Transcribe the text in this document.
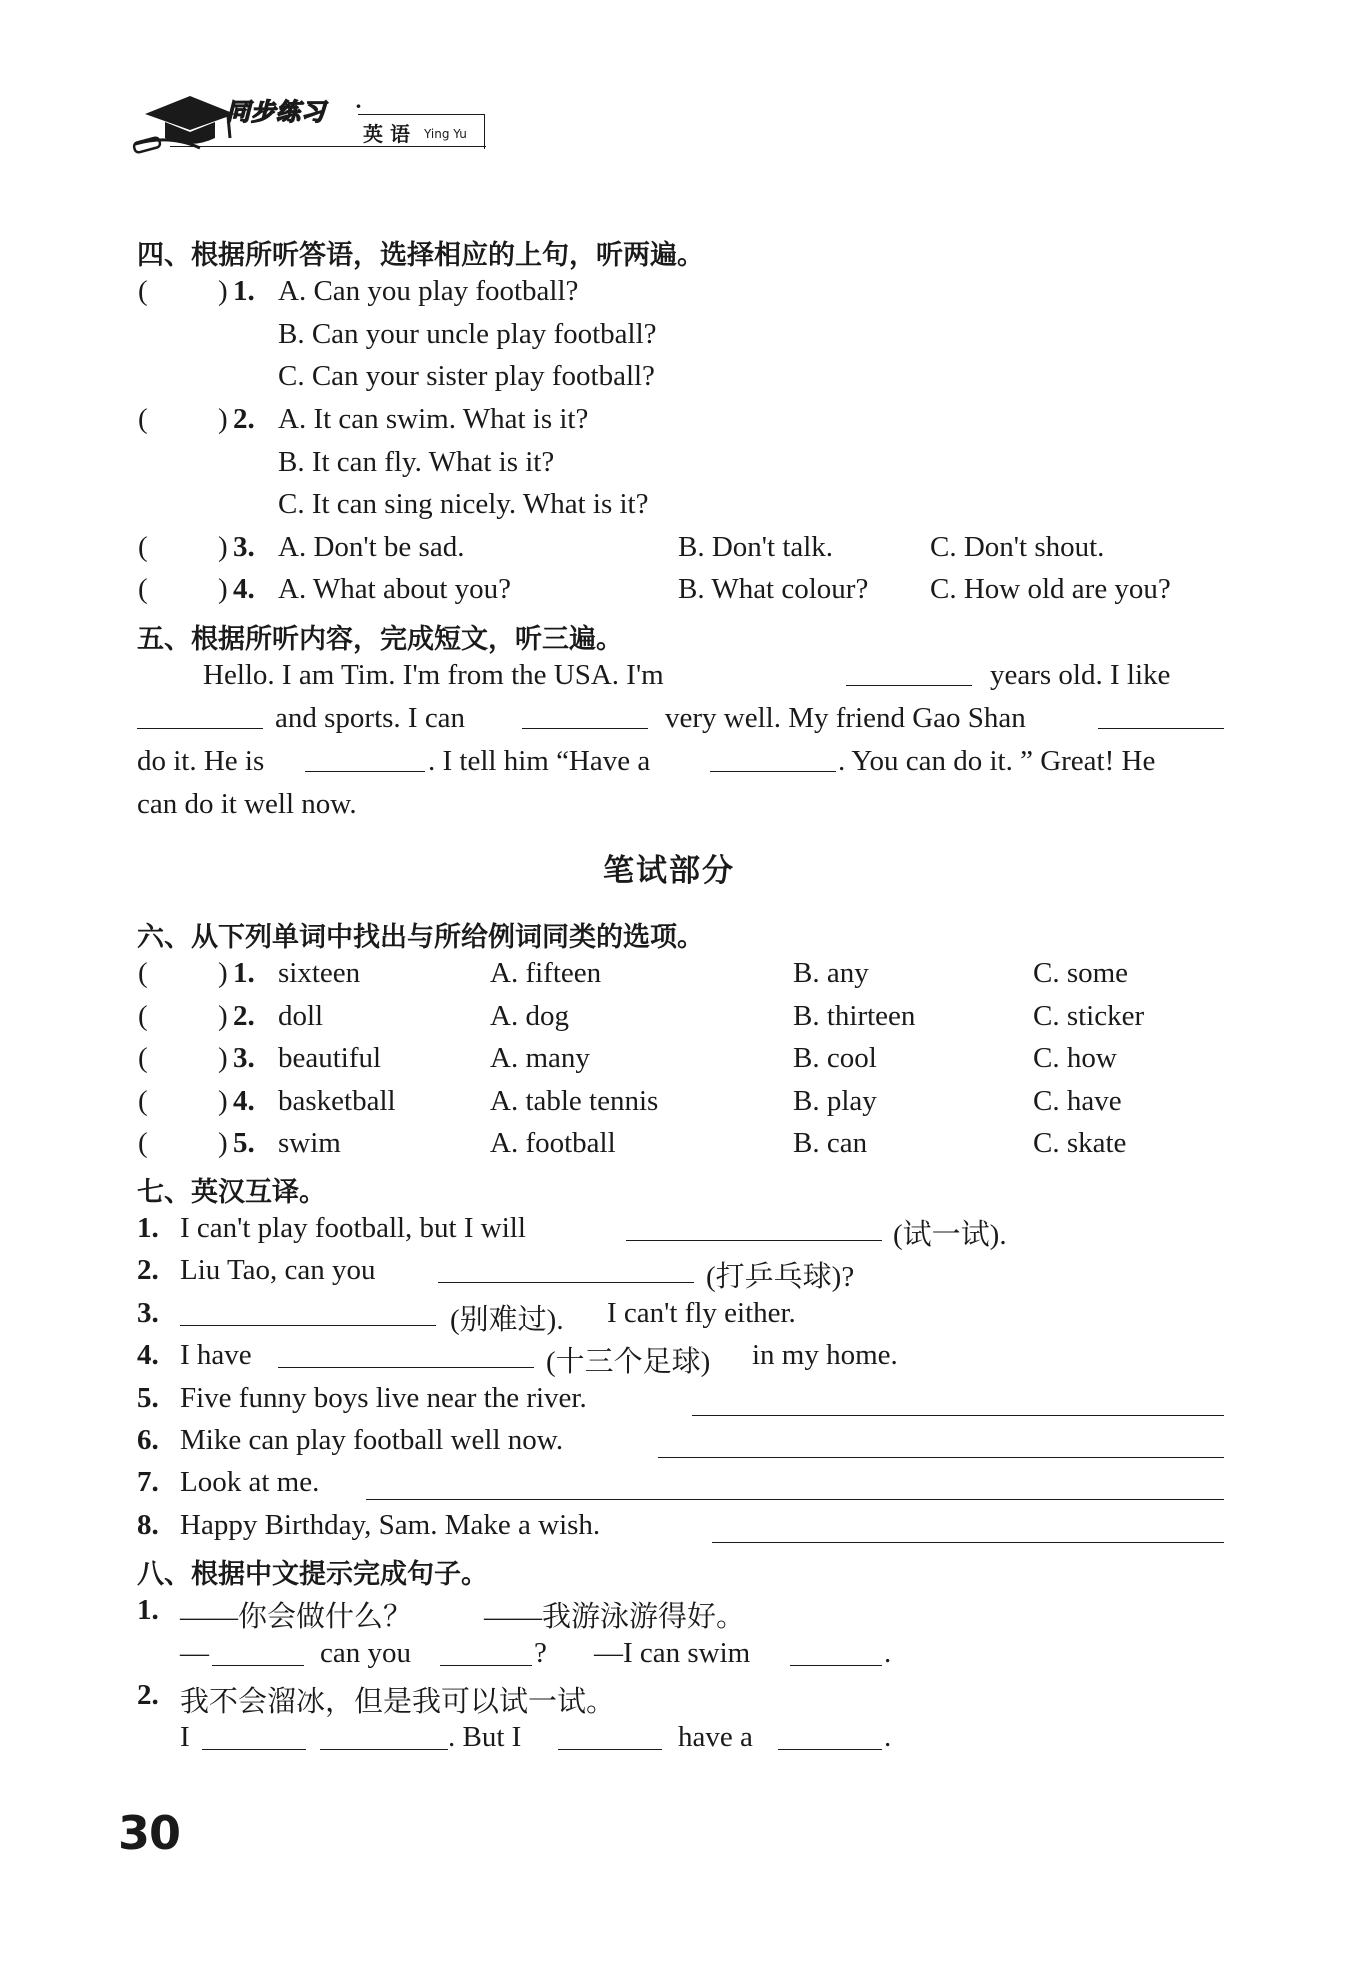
同步练习 ·
英 语 Ying Yu
四、根据所听答语，选择相应的上句，听两遍。
( ) 1. A. Can you play football?
B. Can your uncle play football?
C. Can your sister play football?
( ) 2. A. It can swim. What is it?
B. It can fly. What is it?
C. It can sing nicely. What is it?
( ) 3. A. Don't be sad.	B. Don't talk.	C. Don't shout.
( ) 4. A. What about you?	B. What colour? C. How old are you?
五、根据所听内容，完成短文，听三遍。
Hello. I am Tim. I'm from the USA. I'm	years old. I like
and sports. I can	very well. My friend Gao Shan
do it. He is	. I tell him “Have a	. You can do it. ” Great! He
can do it well now.
笔试部分
六、从下列单词中找出与所给例词同类的选项。
( ) 1. sixteen	A. fifteen	B. any	C. some
( ) 2. doll	A. dog	B. thirteen	C. sticker
( ) 3. beautiful	A. many	B. cool	C. how
( ) 4. basketball	A. table tennis	B. play	C. have
( ) 5. swim	A. football	B. can	C. skate
七、英汉互译。
1. I can't play football, but I will	(试一试).
2. Liu Tao, can you	(打乒乓球)?
3.	(别难过). I can't fly either.
4. I have	(十三个足球) in my home.
5. Five funny boys live near the river.
6. Mike can play football well now.
7. Look at me.
8. Happy Birthday, Sam. Make a wish.
八、根据中文提示完成句子。
1. ——你会做什么？ ——我游泳游得好。
—	can you	? —I can swim	.
2. 我不会溜冰，但是我可以试一试。
I	. But I	have a	.
30
